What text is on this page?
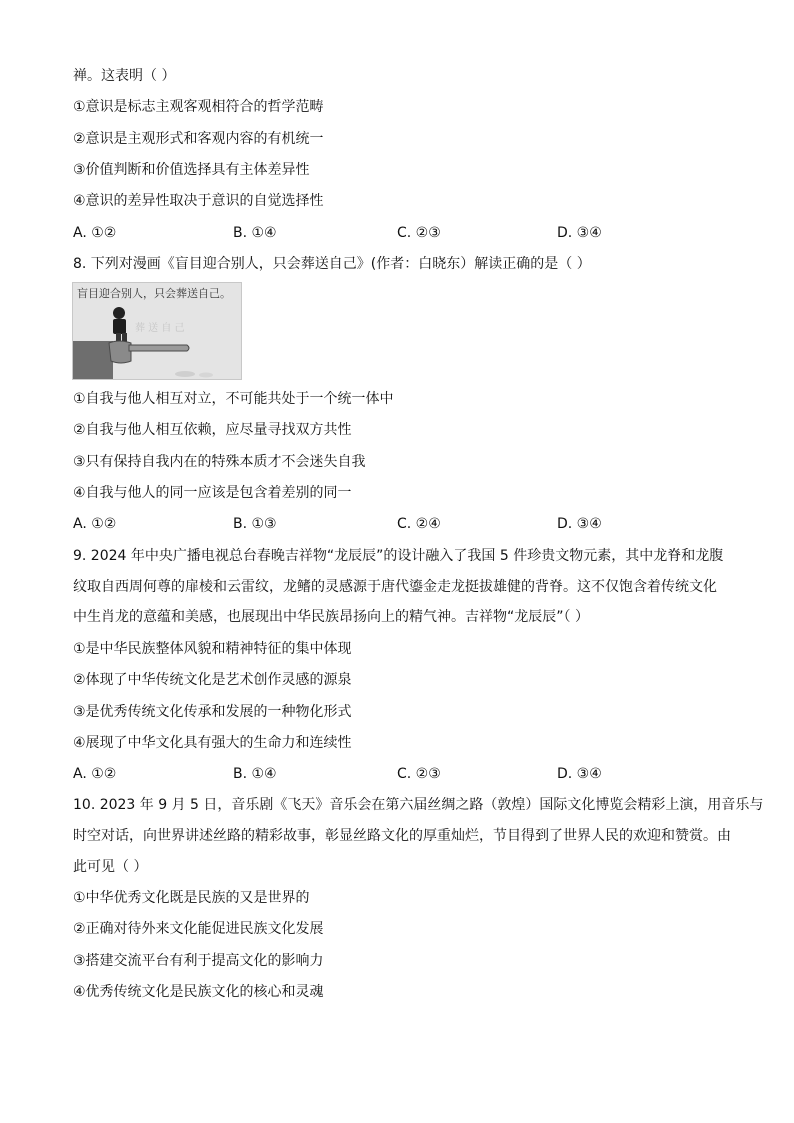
禅。这表明（ ）
①意识是标志主观客观相符合的哲学范畴
②意识是主观形式和客观内容的有机统一
③价值判断和价值选择具有主体差异性
④意识的差异性取决于意识的自觉选择性
A. ①②	B. ①④	C. ②③	D. ③④
8. 下列对漫画《盲目迎合别人，只会葬送自己》(作者：白晓东）解读正确的是（ ）
盲目迎合别人，只会葬送自己。
葬 送 自 己
①自我与他人相互对立，不可能共处于一个统一体中
②自我与他人相互依赖，应尽量寻找双方共性
③只有保持自我内在的特殊本质才不会迷失自我
④自我与他人的同一应该是包含着差别的同一
A. ①②	B. ①③	C. ②④	D. ③④
9. 2024 年中央广播电视总台春晚吉祥物“龙辰辰”的设计融入了我国 5 件珍贵文物元素，其中龙脊和龙腹
纹取自西周何尊的扉棱和云雷纹，龙鳍的灵感源于唐代鎏金走龙挺拔雄健的背脊。这不仅饱含着传统文化
中生肖龙的意蕴和美感，也展现出中华民族昂扬向上的精气神。吉祥物“龙辰辰”（ ）
①是中华民族整体风貌和精神特征的集中体现
②体现了中华传统文化是艺术创作灵感的源泉
③是优秀传统文化传承和发展的一种物化形式
④展现了中华文化具有强大的生命力和连续性
A. ①②	B. ①④	C. ②③	D. ③④
10. 2023 年 9 月 5 日，音乐剧《飞天》音乐会在第六届丝绸之路（敦煌）国际文化博览会精彩上演，用音乐与
时空对话，向世界讲述丝路的精彩故事，彰显丝路文化的厚重灿烂，节目得到了世界人民的欢迎和赞赏。由
此可见（ ）
①中华优秀文化既是民族的又是世界的
②正确对待外来文化能促进民族文化发展
③搭建交流平台有利于提高文化的影响力
④优秀传统文化是民族文化的核心和灵魂
